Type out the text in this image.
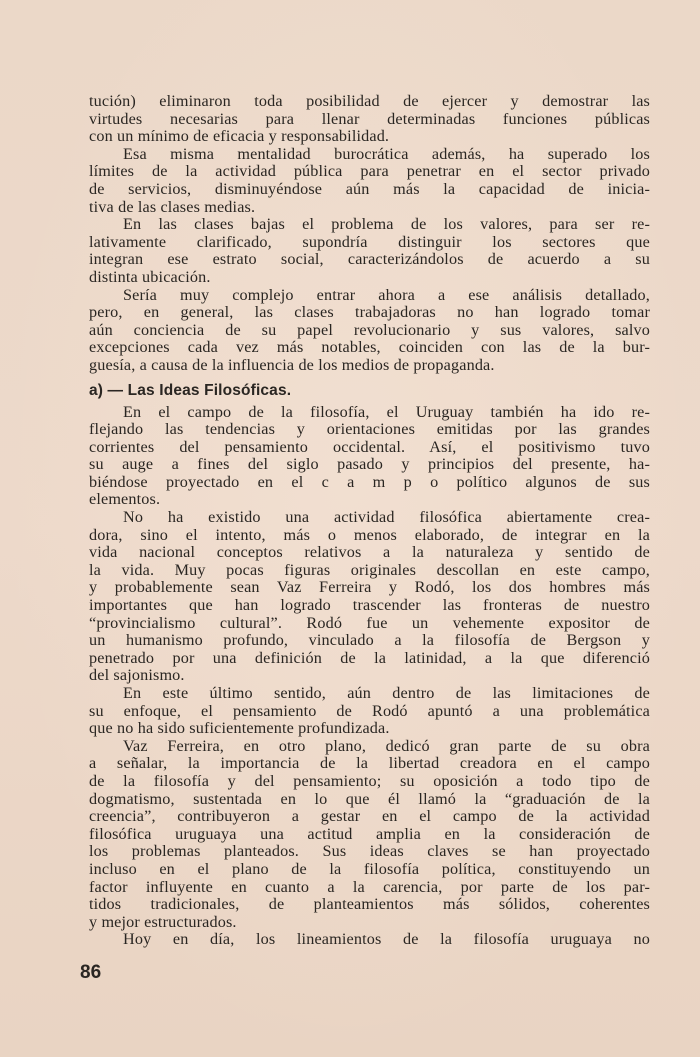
tución) eliminaron toda posibilidad de ejercer y demostrar las
virtudes necesarias para llenar determinadas funciones públicas
con un mínimo de eficacia y responsabilidad.

Esa misma mentalidad burocrática además, ha superado los
límites de la actividad pública para penetrar en el sector privado
de servicios, disminuyéndose aún más la capacidad de inicia-
tiva de las clases medias.

En las clases bajas el problema de los valores, para ser re-
lativamente clarificado, supondría distinguir los sectores que
integran ese estrato social, caracterizándolos de acuerdo a su
distinta ubicación.

Sería muy complejo entrar ahora a ese análisis detallado,
pero, en general, las clases trabajadoras no han logrado tomar
aún conciencia de su papel revolucionario y sus valores, salvo
excepciones cada vez más notables, coinciden con las de la bur-
guesía, a causa de la influencia de los medios de propaganda.

a) — Las Ideas Filosóficas.

En el campo de la filosofía, el Uruguay también ha ido re-
flejando las tendencias y orientaciones emitidas por las grandes
corrientes del pensamiento occidental. Así, el positivismo tuvo
su auge a fines del siglo pasado y principios del presente, ha-
biéndose proyectado en el c a m p o político algunos de sus
elementos.

No ha existido una actividad filosófica abiertamente crea-
dora, sino el intento, más o menos elaborado, de integrar en la
vida nacional conceptos relativos a la naturaleza y sentido de
la vida. Muy pocas figuras originales descollan en este campo,
y probablemente sean Vaz Ferreira y Rodó, los dos hombres más
importantes que han logrado trascender las fronteras de nuestro
“provincialismo cultural”. Rodó fue un vehemente expositor de
un humanismo profundo, vinculado a la filosofía de Bergson y
penetrado por una definición de la latinidad, a la que diferenció
del sajonismo.

En este último sentido, aún dentro de las limitaciones de
su enfoque, el pensamiento de Rodó apuntó a una problemática
que no ha sido suficientemente profundizada.

Vaz Ferreira, en otro plano, dedicó gran parte de su obra
a señalar, la importancia de la libertad creadora en el campo
de la filosofía y del pensamiento; su oposición a todo tipo de
dogmatismo, sustentada en lo que él llamó la “graduación de la
creencia”, contribuyeron a gestar en el campo de la actividad
filosófica uruguaya una actitud amplia en la consideración de
los problemas planteados. Sus ideas claves se han proyectado
incluso en el plano de la filosofía política, constituyendo un
factor influyente en cuanto a la carencia, por parte de los par-
tidos tradicionales, de planteamientos más sólidos, coherentes
y mejor estructurados.

Hoy en día, los lineamientos de la filosofía uruguaya no

86
